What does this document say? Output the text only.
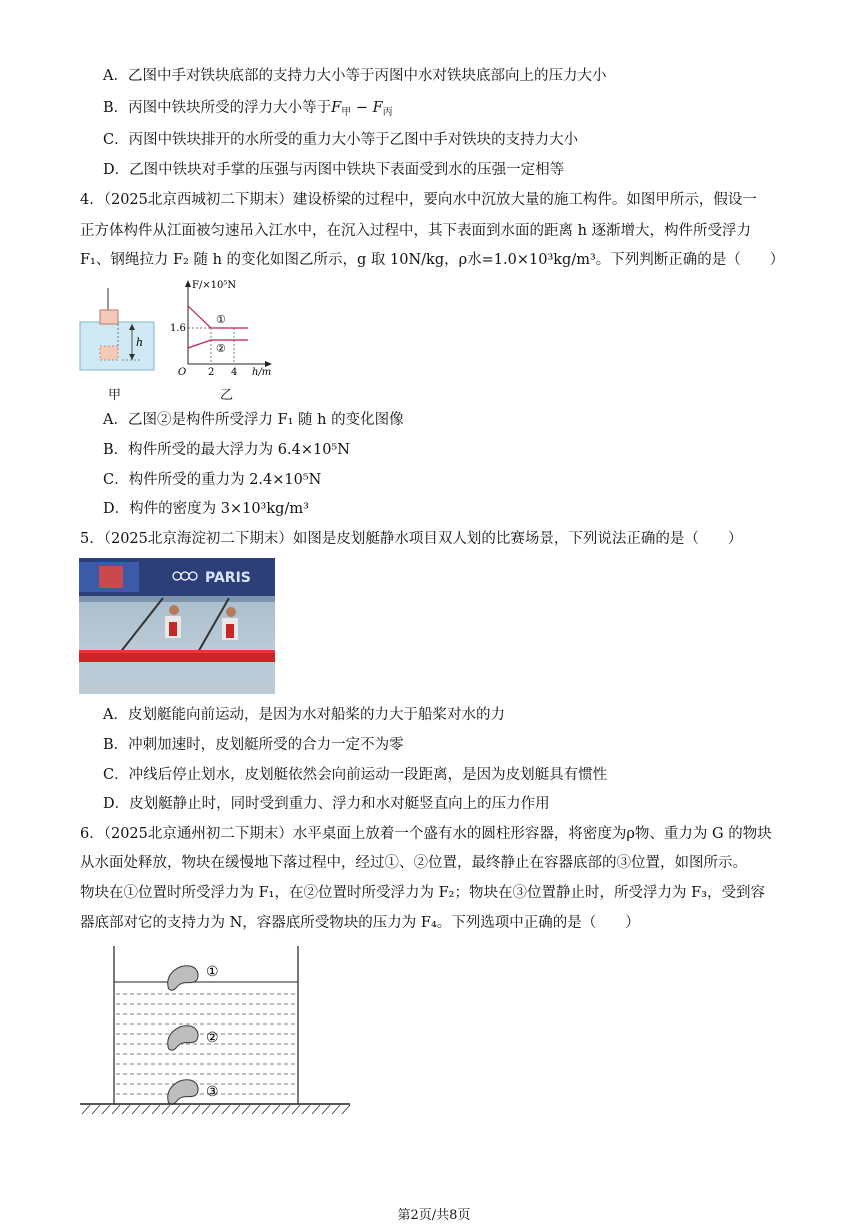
A．乙图中手对铁块底部的支持力大小等于丙图中水对铁块底部向上的压力大小
B．丙图中铁块所受的浮力大小等于$F_甲 - F_丙$
C．丙图中铁块排开的水所受的重力大小等于乙图中手对铁块的支持力大小
D．乙图中铁块对手掌的压强与丙图中铁块下表面受到水的压强一定相等
4．（2025北京西城初二下期末）建设桥梁的过程中，要向水中沉放大量的施工构件。如图甲所示，假设一
正方体构件从江面被匀速吊入江水中，在沉入过程中，其下表面到水面的距离 h 逐渐增大，构件所受浮力
F₁、钢绳拉力 F₂ 随 h 的变化如图乙所示，g 取 10N/kg，ρ水=1.0×10³kg/m³。下列判断正确的是（　　）
h
甲
F/×10⁵N
1.6
O 2 4 h/m
①
②
乙
A．乙图②是构件所受浮力 F₁ 随 h 的变化图像
B．构件所受的最大浮力为 6.4×10⁵N
C．构件所受的重力为 2.4×10⁵N
D．构件的密度为 3×10³kg/m³
5．（2025北京海淀初二下期末）如图是皮划艇静水项目双人划的比赛场景，下列说法正确的是（　　）
PARIS
A．皮划艇能向前运动，是因为水对船桨的力大于船桨对水的力
B．冲刺加速时，皮划艇所受的合力一定不为零
C．冲线后停止划水，皮划艇依然会向前运动一段距离，是因为皮划艇具有惯性
D．皮划艇静止时，同时受到重力、浮力和水对艇竖直向上的压力作用
6．（2025北京通州初二下期末）水平桌面上放着一个盛有水的圆柱形容器，将密度为ρ物、重力为 G 的物块
从水面处释放，物块在缓慢地下落过程中，经过①、②位置，最终静止在容器底部的③位置，如图所示。
物块在①位置时所受浮力为 F₁，在②位置时所受浮力为 F₂；物块在③位置静止时，所受浮力为 F₃，受到容
器底部对它的支持力为 N，容器底所受物块的压力为 F₄。下列选项中正确的是（　　）
①
②
③
第2页/共8页
